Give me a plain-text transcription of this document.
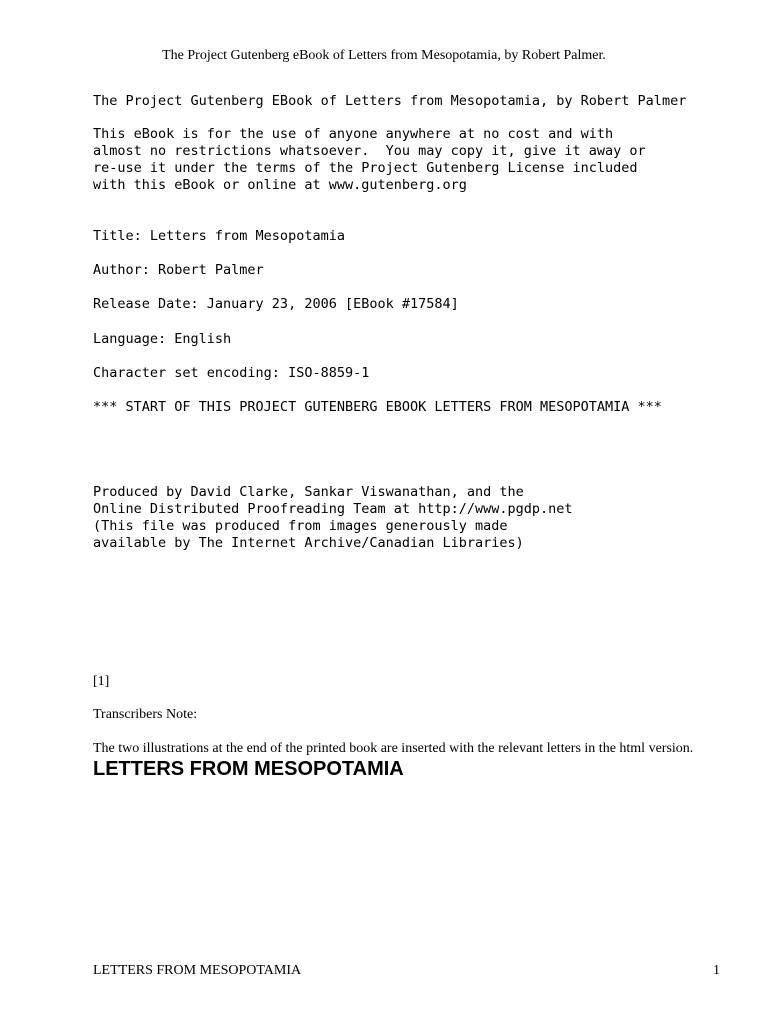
The Project Gutenberg eBook of Letters from Mesopotamia, by Robert Palmer.
The Project Gutenberg EBook of Letters from Mesopotamia, by Robert Palmer
This eBook is for the use of anyone anywhere at no cost and with
almost no restrictions whatsoever.  You may copy it, give it away or
re-use it under the terms of the Project Gutenberg License included
with this eBook or online at www.gutenberg.org
Title: Letters from Mesopotamia
Author: Robert Palmer
Release Date: January 23, 2006 [EBook #17584]
Language: English
Character set encoding: ISO-8859-1
*** START OF THIS PROJECT GUTENBERG EBOOK LETTERS FROM MESOPOTAMIA ***
Produced by David Clarke, Sankar Viswanathan, and the
Online Distributed Proofreading Team at http://www.pgdp.net
(This file was produced from images generously made
available by The Internet Archive/Canadian Libraries)
[1]
Transcribers Note:
The two illustrations at the end of the printed book are inserted with the relevant letters in the html version.
LETTERS FROM MESOPOTAMIA
LETTERS FROM MESOPOTAMIA	1
